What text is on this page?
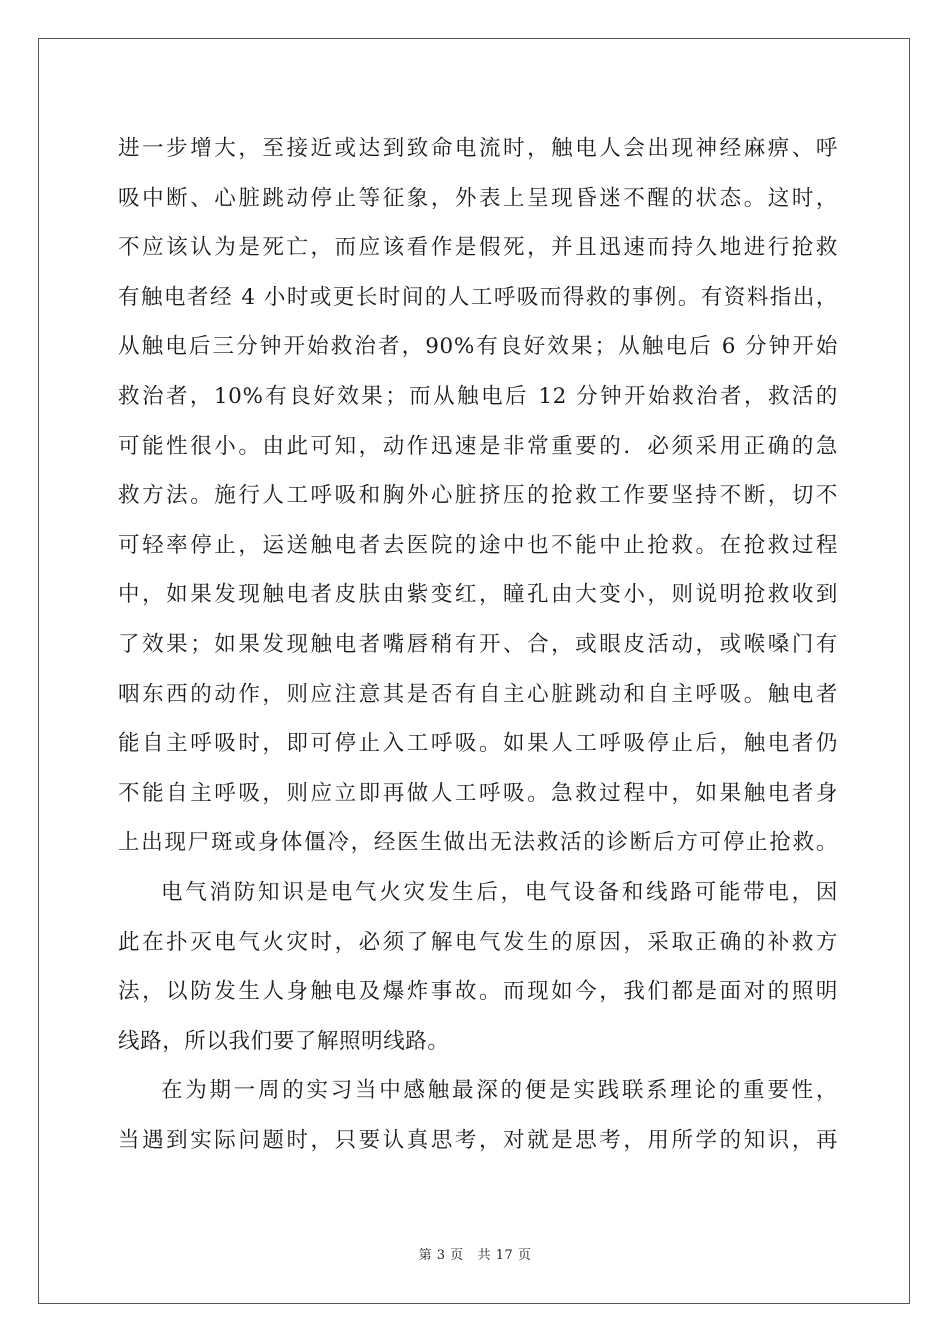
进一步增大，至接近或达到致命电流时，触电人会出现神经麻痹、呼
吸中断、心脏跳动停止等征象，外表上呈现昏迷不醒的状态。这时，
不应该认为是死亡，而应该看作是假死，并且迅速而持久地进行抢救
有触电者经 4 小时或更长时间的人工呼吸而得救的事例。有资料指出，
从触电后三分钟开始救治者，90%有良好效果；从触电后 6 分钟开始
救治者，10%有良好效果；而从触电后 12 分钟开始救治者，救活的
可能性很小。由此可知，动作迅速是非常重要的．必须采用正确的急
救方法。施行人工呼吸和胸外心脏挤压的抢救工作要坚持不断，切不
可轻率停止，运送触电者去医院的途中也不能中止抢救。在抢救过程
中，如果发现触电者皮肤由紫变红，瞳孔由大变小，则说明抢救收到
了效果；如果发现触电者嘴唇稍有开、合，或眼皮活动，或喉嗓门有
咽东西的动作，则应注意其是否有自主心脏跳动和自主呼吸。触电者
能自主呼吸时，即可停止入工呼吸。如果人工呼吸停止后，触电者仍
不能自主呼吸，则应立即再做人工呼吸。急救过程中，如果触电者身
上出现尸斑或身体僵冷，经医生做出无法救活的诊断后方可停止抢救。
电气消防知识是电气火灾发生后，电气设备和线路可能带电，因
此在扑灭电气火灾时，必须了解电气发生的原因，采取正确的补救方
法，以防发生人身触电及爆炸事故。而现如今，我们都是面对的照明
线路，所以我们要了解照明线路。
在为期一周的实习当中感触最深的便是实践联系理论的重要性，
当遇到实际问题时，只要认真思考，对就是思考，用所学的知识，再
第 3 页 共 17 页
